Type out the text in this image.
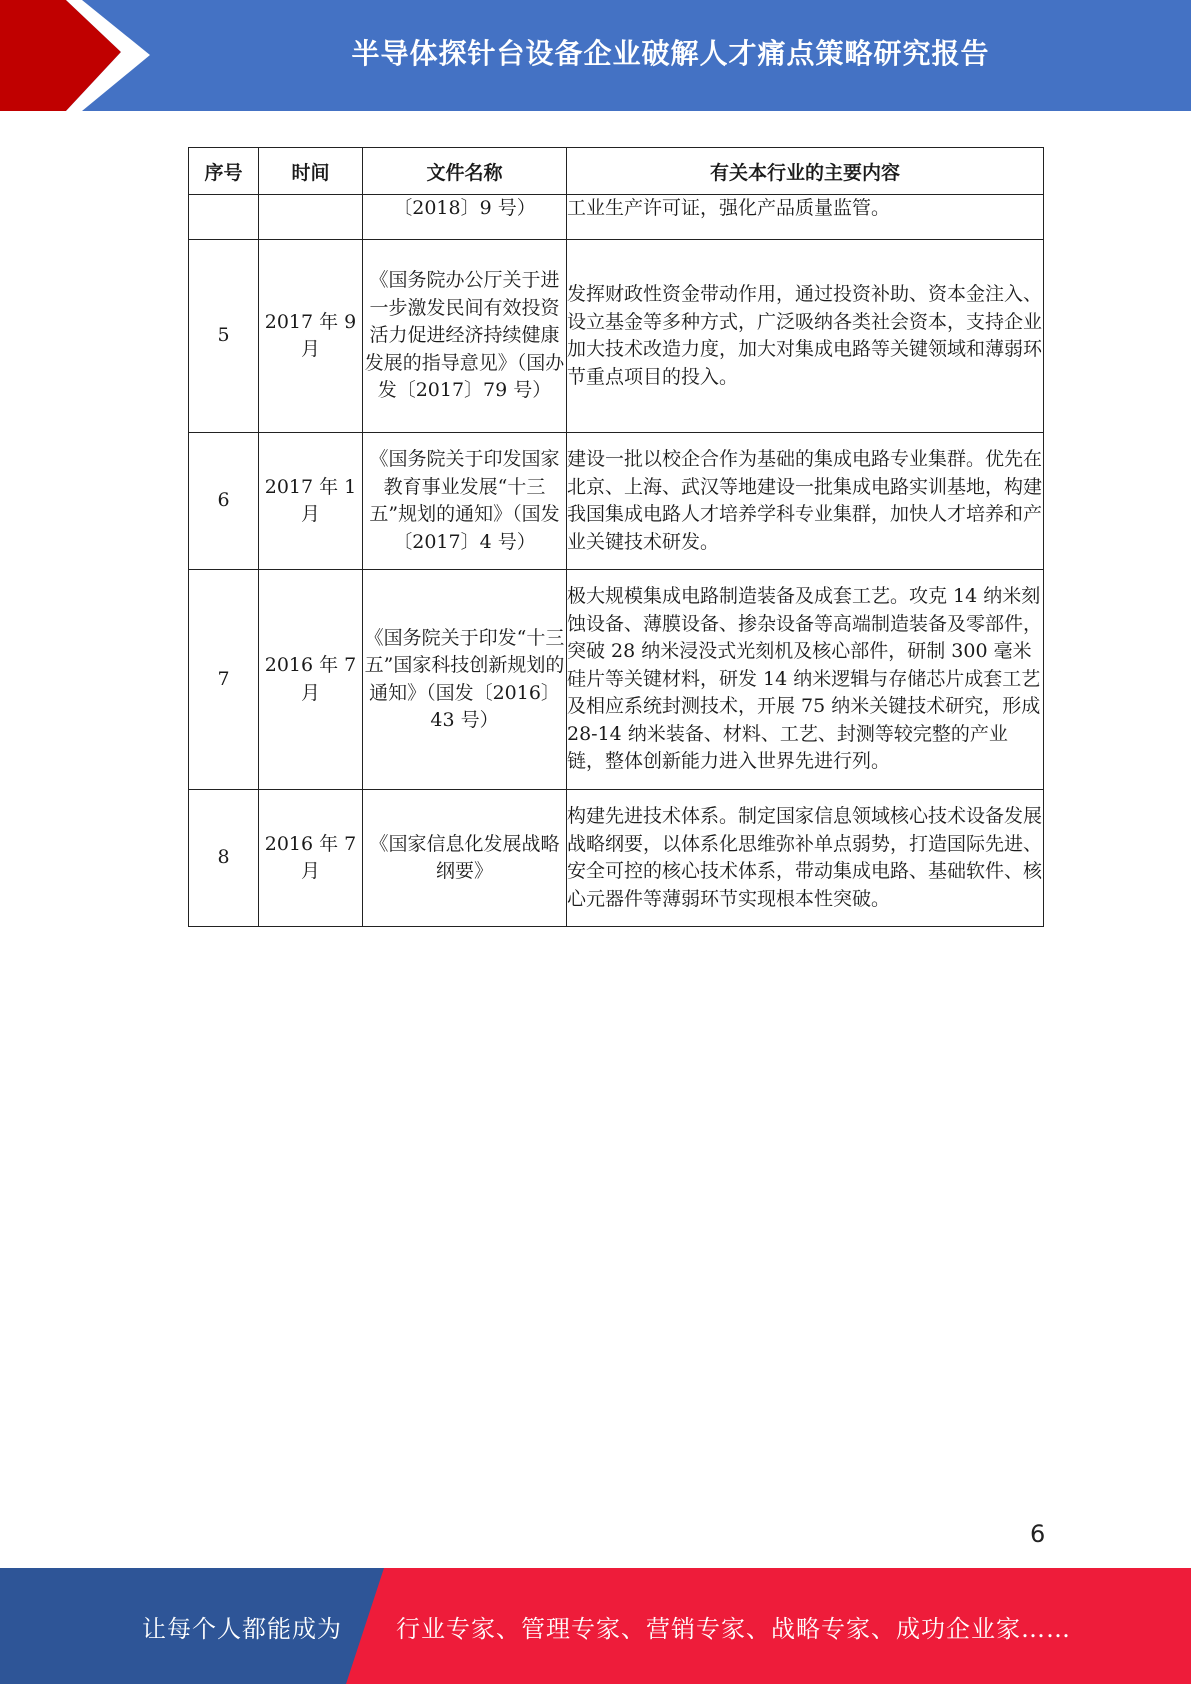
半导体探针台设备企业破解人才痛点策略研究报告
序号	时间	文件名称	有关本行业的主要内容
		〔2018〕9 号）	工业生产许可证，强化产品质量监管。
5	2017 年 9 月	《国务院办公厅关于进一步激发民间有效投资活力促进经济持续健康发展的指导意见》（国办发〔2017〕79 号）	发挥财政性资金带动作用，通过投资补助、资本金注入、设立基金等多种方式，广泛吸纳各类社会资本，支持企业加大技术改造力度，加大对集成电路等关键领域和薄弱环节重点项目的投入。
6	2017 年 1 月	《国务院关于印发国家教育事业发展“十三五”规划的通知》（国发〔2017〕4 号）	建设一批以校企合作为基础的集成电路专业集群。优先在北京、上海、武汉等地建设一批集成电路实训基地，构建我国集成电路人才培养学科专业集群，加快人才培养和产业关键技术研发。
7	2016 年 7 月	《国务院关于印发“十三五”国家科技创新规划的通知》（国发〔2016〕43 号）	极大规模集成电路制造装备及成套工艺。攻克 14 纳米刻蚀设备、薄膜设备、掺杂设备等高端制造装备及零部件，突破 28 纳米浸没式光刻机及核心部件，研制 300 毫米硅片等关键材料，研发 14 纳米逻辑与存储芯片成套工艺及相应系统封测技术，开展 75 纳米关键技术研究，形成 28-14 纳米装备、材料、工艺、封测等较完整的产业链，整体创新能力进入世界先进行列。
8	2016 年 7 月	《国家信息化发展战略纲要》	构建先进技术体系。制定国家信息领域核心技术设备发展战略纲要，以体系化思维弥补单点弱势，打造国际先进、安全可控的核心技术体系，带动集成电路、基础软件、核心元器件等薄弱环节实现根本性突破。
6
让每个人都能成为 行业专家、管理专家、营销专家、战略专家、成功企业家……
